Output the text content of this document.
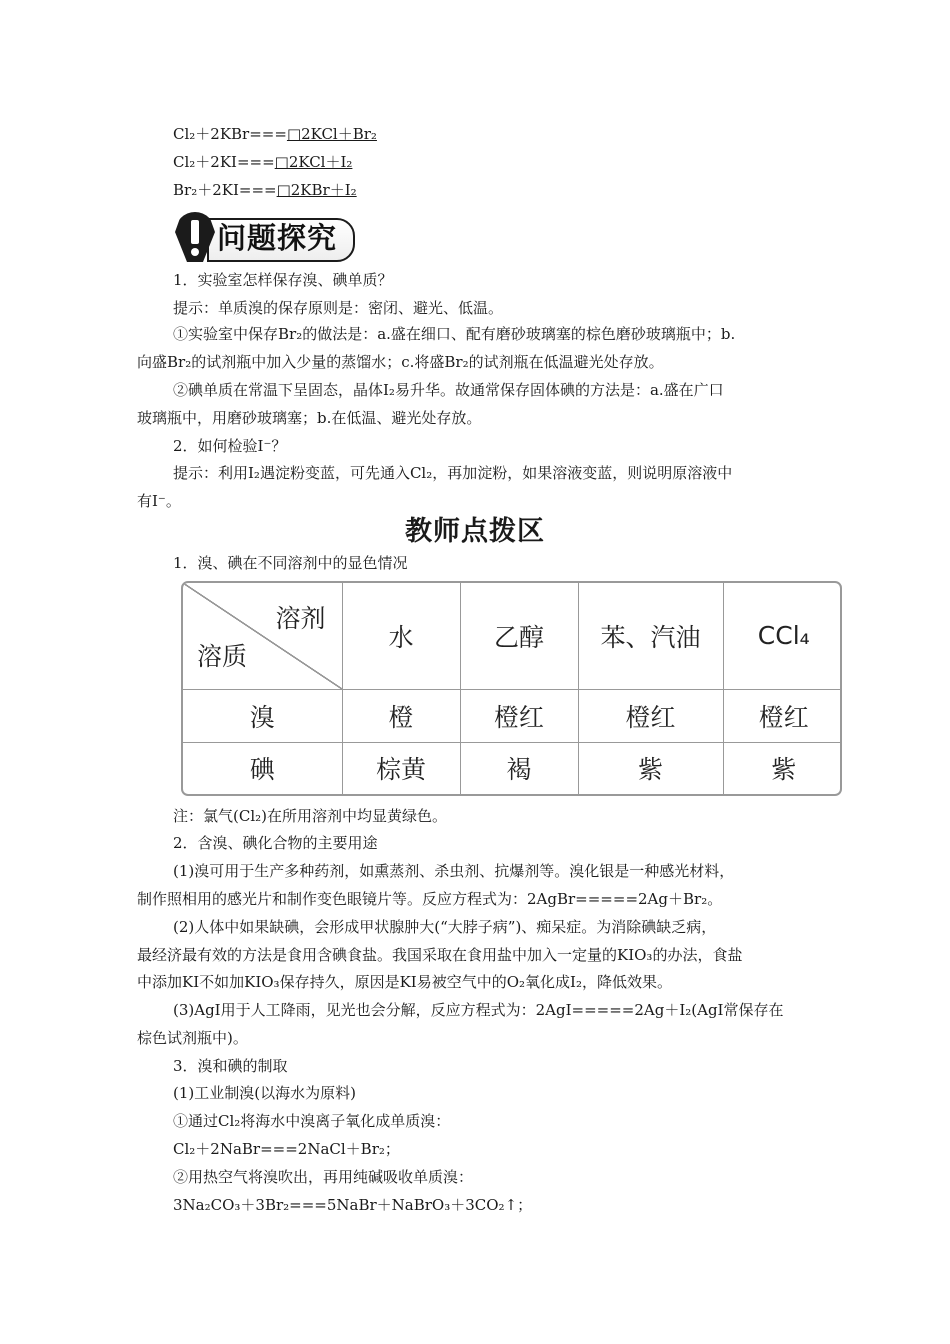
Cl₂＋2KBr===□2KCl＋Br₂
Cl₂＋2KI===□2KCl＋I₂
Br₂＋2KI===□2KBr＋I₂
问题探究
1．实验室怎样保存溴、碘单质？
提示：单质溴的保存原则是：密闭、避光、低温。
①实验室中保存Br₂的做法是：a.盛在细口、配有磨砂玻璃塞的棕色磨砂玻璃瓶中；b.
向盛Br₂的试剂瓶中加入少量的蒸馏水；c.将盛Br₂的试剂瓶在低温避光处存放。
②碘单质在常温下呈固态，晶体I₂易升华。故通常保存固体碘的方法是：a.盛在广口
玻璃瓶中，用磨砂玻璃塞；b.在低温、避光处存放。
2．如何检验I⁻？
提示：利用I₂遇淀粉变蓝，可先通入Cl₂，再加淀粉，如果溶液变蓝，则说明原溶液中
有I⁻。
教师点拨区
1．溴、碘在不同溶剂中的显色情况
溶剂
溶质	水	乙醇	苯、汽油	CCl₄
溴	橙	橙红	橙红	橙红
碘	棕黄	褐	紫	紫
注：氯气(Cl₂)在所用溶剂中均显黄绿色。
2．含溴、碘化合物的主要用途
(1)溴可用于生产多种药剂，如熏蒸剂、杀虫剂、抗爆剂等。溴化银是一种感光材料，
制作照相用的感光片和制作变色眼镜片等。反应方程式为：2AgBr=====2Ag＋Br₂。
(2)人体中如果缺碘，会形成甲状腺肿大(“大脖子病”)、痴呆症。为消除碘缺乏病，
最经济最有效的方法是食用含碘食盐。我国采取在食用盐中加入一定量的KIO₃的办法，食盐
中添加KI不如加KIO₃保存持久，原因是KI易被空气中的O₂氧化成I₂，降低效果。
(3)AgI用于人工降雨，见光也会分解，反应方程式为：2AgI=====2Ag＋I₂(AgI常保存在
棕色试剂瓶中)。
3．溴和碘的制取
(1)工业制溴(以海水为原料)
①通过Cl₂将海水中溴离子氧化成单质溴：
Cl₂＋2NaBr===2NaCl＋Br₂；
②用热空气将溴吹出，再用纯碱吸收单质溴：
3Na₂CO₃＋3Br₂===5NaBr＋NaBrO₃＋3CO₂↑；
